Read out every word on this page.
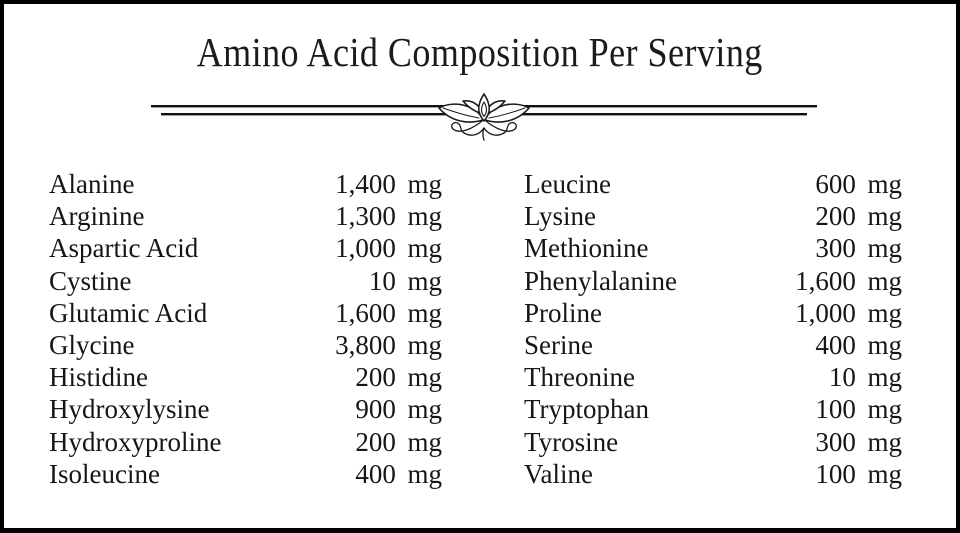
Amino Acid Composition Per Serving
Alanine	1,400 mg
Arginine	1,300 mg
Aspartic Acid	1,000 mg
Cystine	10 mg
Glutamic Acid	1,600 mg
Glycine	3,800 mg
Histidine	200 mg
Hydroxylysine	900 mg
Hydroxyproline	200 mg
Isoleucine	400 mg
Leucine	600 mg
Lysine	200 mg
Methionine	300 mg
Phenylalanine	1,600 mg
Proline	1,000 mg
Serine	400 mg
Threonine	10 mg
Tryptophan	100 mg
Tyrosine	300 mg
Valine	100 mg
